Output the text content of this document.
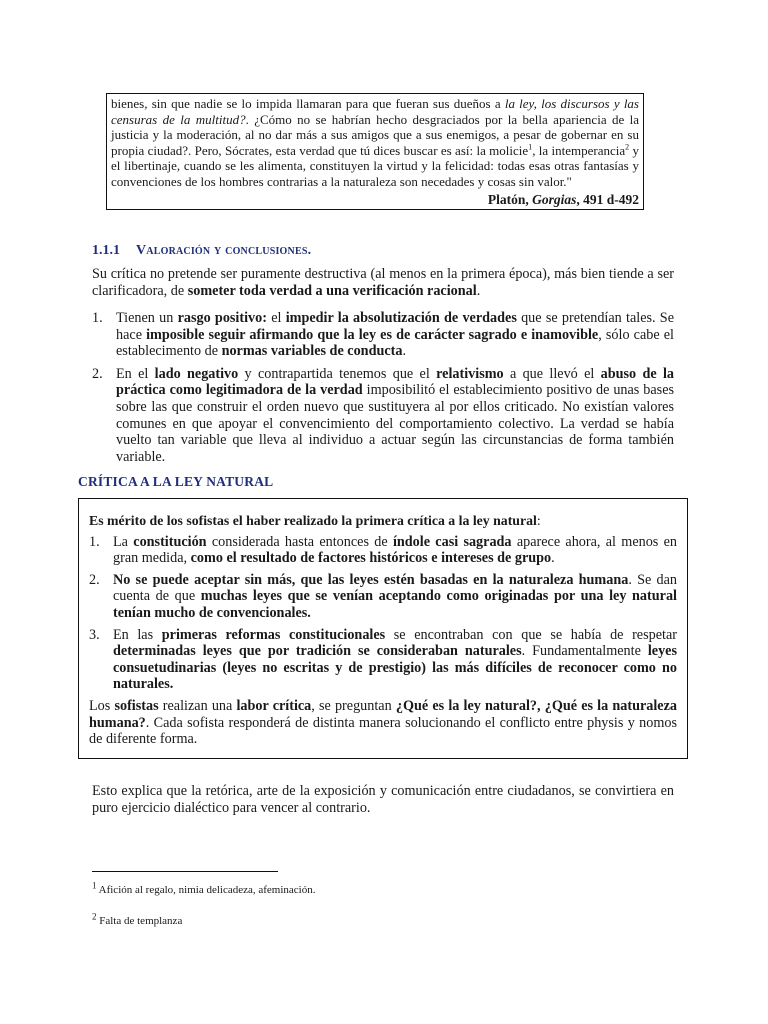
bienes, sin que nadie se lo impida llamaran para que fueran sus dueños a la ley, los discursos y las censuras de la multitud?. ¿Cómo no se habrían hecho desgraciados por la bella apariencia de la justicia y la moderación, al no dar más a sus amigos que a sus enemigos, a pesar de gobernar en su propia ciudad?. Pero, Sócrates, esta verdad que tú dices buscar es así: la molicie$^1$, la intemperancia$^2$ y el libertinaje, cuando se les alimenta, constituyen la virtud y la felicidad: todas esas otras fantasías y convenciones de los hombres contrarias a la naturaleza son necedades y cosas sin valor."

Platón, Gorgias, 491 d-492
1.1.1 Valoración y conclusiones.

Su crítica no pretende ser puramente destructiva (al menos en la primera época), más bien tiende a ser clarificadora, de someter toda verdad a una verificación racional.

1. Tienen un rasgo positivo: el impedir la absolutización de verdades que se pretendían tales. Se hace imposible seguir afirmando que la ley es de carácter sagrado e inamovible, sólo cabe el establecimento de normas variables de conducta.
2. En el lado negativo y contrapartida tenemos que el relativismo a que llevó el abuso de la práctica como legitimadora de la verdad imposibilitó el establecimiento positivo de unas bases sobre las que construir el orden nuevo que sustituyera al por ellos criticado. No existían valores comunes en que apoyar el convencimiento del comportamiento colectivo. La verdad se había vuelto tan variable que lleva al individuo a actuar según las circunstancias de forma también variable.
CRÍTICA A LA LEY NATURAL

Es mérito de los sofistas el haber realizado la primera crítica a la ley natural:

1. La constitución considerada hasta entonces de índole casi sagrada aparece ahora, al menos en gran medida, como el resultado de factores históricos e intereses de grupo.
2. No se puede aceptar sin más, que las leyes estén basadas en la naturaleza humana. Se dan cuenta de que muchas leyes que se venían aceptando como originadas por una ley natural tenían mucho de convencionales.
3. En las primeras reformas constitucionales se encontraban con que se había de respetar determinadas leyes que por tradición se consideraban naturales. Fundamentalmente leyes consuetudinarias (leyes no escritas y de prestigio) las más difíciles de reconocer como no naturales.

Los sofistas realizan una labor crítica, se preguntan ¿Qué es la ley natural?, ¿Qué es la naturaleza humana?. Cada sofista responderá de distinta manera solucionando el conflicto entre physis y nomos de diferente forma.

Esto explica que la retórica, arte de la exposición y comunicación entre ciudadanos, se convirtiera en puro ejercicio dialéctico para vencer al contrario.

$^1$ Afición al regalo, nimia delicadeza, afeminación.
$^2$ Falta de templanza
